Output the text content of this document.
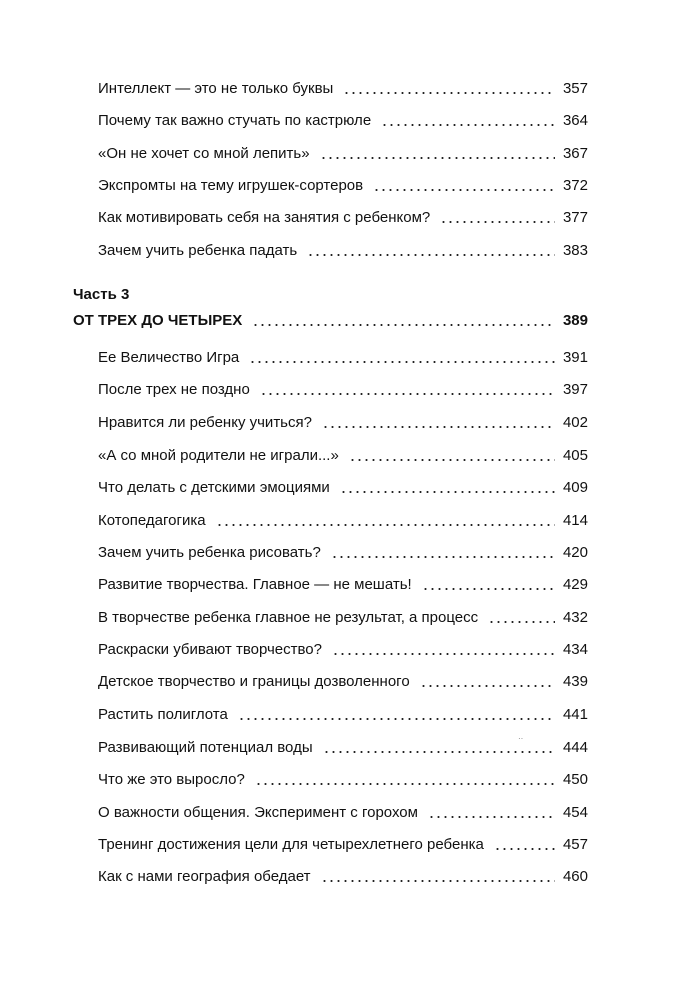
Интеллект — это не только буквы	357
Почему так важно стучать по кастрюле	364
«Он не хочет со мной лепить»	367
Экспромты на тему игрушек-сортеров	372
Как мотивировать себя на занятия с ребенком?	377
Зачем учить ребенка падать	383
Часть 3
ОТ ТРЕХ ДО ЧЕТЫРЕХ	389
Ее Величество Игра	391
После трех не поздно	397
Нравится ли ребенку учиться?	402
«А со мной родители не играли...»	405
Что делать с детскими эмоциями	409
Котопедагогика	414
Зачем учить ребенка рисовать?	420
Развитие творчества. Главное — не мешать!	429
В творчестве ребенка главное не результат, а процесс	432
Раскраски убивают творчество?	434
Детское творчество и границы дозволенного	439
Растить полиглота	441
Развивающий потенциал воды	444
Что же это выросло?	450
О важности общения. Эксперимент с горохом	454
Тренинг достижения цели для четырехлетнего ребенка	457
Как с нами география обедает	460
··
